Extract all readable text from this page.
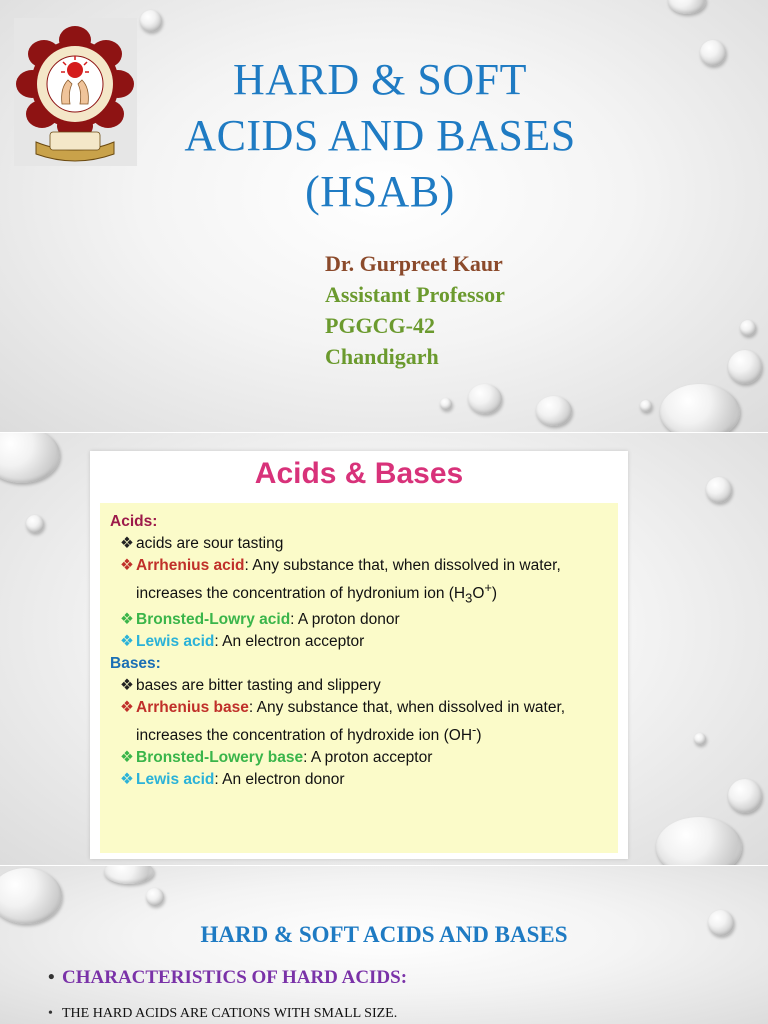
HARD & SOFT
ACIDS AND BASES
(HSAB)
Dr. Gurpreet Kaur
Assistant Professor
PGGCG-42
Chandigarh
Acids & Bases
Acids:
❖ acids are sour tasting
❖ Arrhenius acid: Any substance that, when dissolved in water, increases the concentration of hydronium ion $(H_3O^+)$
❖ Bronsted-Lowry acid: A proton donor
❖ Lewis acid: An electron acceptor
Bases:
❖ bases are bitter tasting and slippery
❖ Arrhenius base: Any substance that, when dissolved in water, increases the concentration of hydroxide ion (OH-)
❖ Bronsted-Lowery base: A proton acceptor
❖ Lewis acid: An electron donor
HARD & SOFT ACIDS AND BASES
• CHARACTERISTICS OF HARD ACIDS:
• THE HARD ACIDS ARE CATIONS WITH SMALL SIZE.
